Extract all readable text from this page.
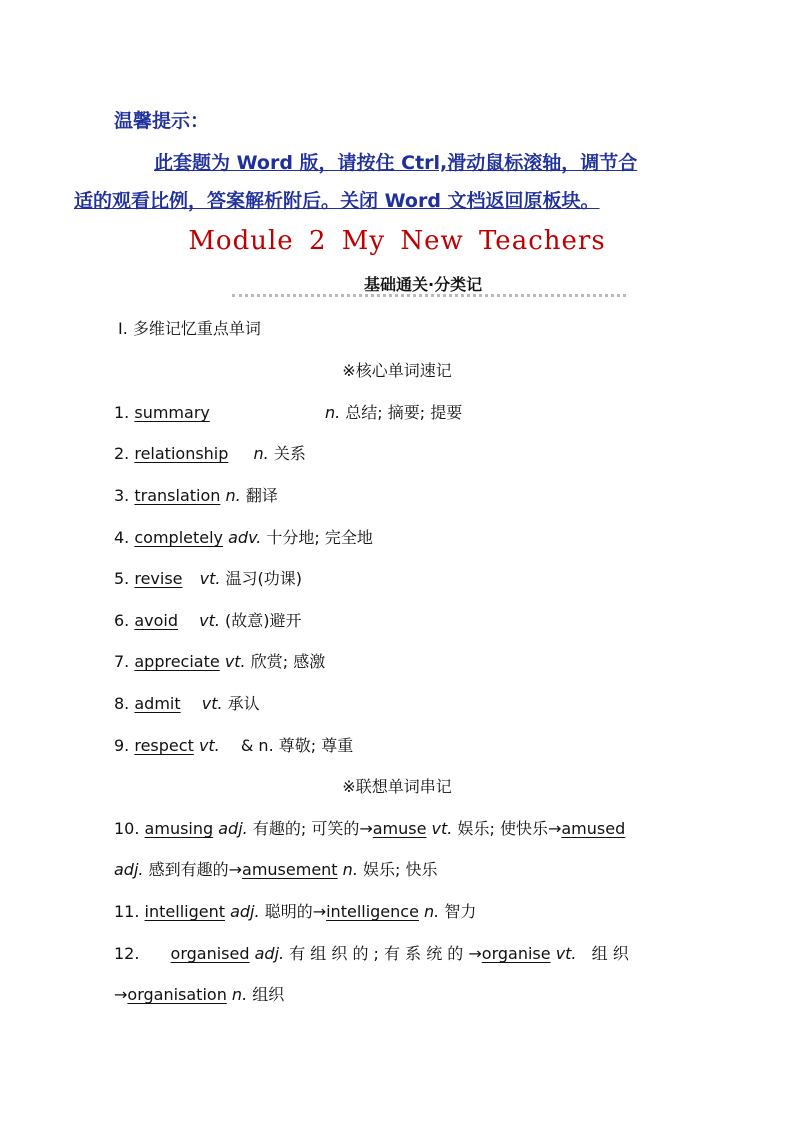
温馨提示：
此套题为 Word 版，请按住 Ctrl,滑动鼠标滚轴，调节合
适的观看比例，答案解析附后。关闭 Word 文档返回原板块。
Module 2 My New Teachers
基础通关·分类记
Ⅰ. 多维记忆重点单词
※核心单词速记
1. summary	n. 总结; 摘要; 提要
2. relationship n. 关系
3. translation n. 翻译
4. completely adv. 十分地; 完全地
5. revise vt. 温习(功课)
6. avoid vt. (故意)避开
7. appreciate vt. 欣赏; 感激
8. admit vt. 承认
9. respect vt. & n. 尊敬; 尊重
※联想单词串记
10. amusing adj. 有趣的; 可笑的→amuse vt. 娱乐; 使快乐→amused
adj. 感到有趣的→amusement n. 娱乐; 快乐
11. intelligent adj. 聪明的→intelligence n. 智力
12. organised adj. 有 组 织 的 ; 有 系 统 的 →organise vt. 组 织
→organisation n. 组织
